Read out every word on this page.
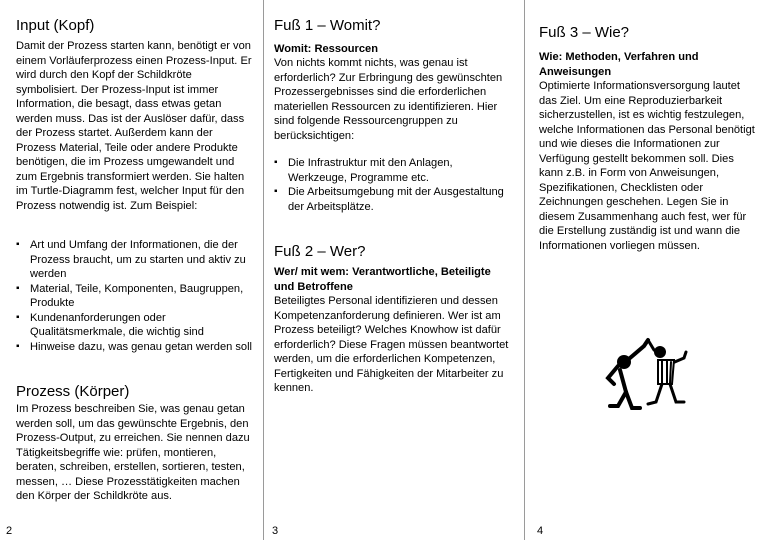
Input (Kopf)
Damit der Prozess starten kann, benötigt er von einem Vorläuferprozess einen Prozess-Input. Er wird durch den Kopf der Schildkröte symbolisiert. Der Prozess-Input ist immer Information, die besagt, dass etwas getan werden muss. Das ist der Auslöser dafür, dass der Prozess startet. Außerdem kann der Prozess Material, Teile oder andere Produkte benötigen, die im Prozess umgewandelt und zum Ergebnis transformiert werden. Sie halten im Turtle-Diagramm fest, welcher Input für den Prozess notwendig ist. Zum Beispiel:
▪ Art und Umfang der Informationen, die der Prozess braucht, um zu starten und aktiv zu werden
▪ Material, Teile, Komponenten, Baugruppen, Produkte
▪ Kundenanforderungen oder Qualitätsmerkmale, die wichtig sind
▪ Hinweise dazu, was genau getan werden soll
Prozess (Körper)
Im Prozess beschreiben Sie, was genau getan werden soll, um das gewünschte Ergebnis, den Prozess-Output, zu erreichen. Sie nennen dazu Tätigkeitsbegriffe wie: prüfen, montieren, beraten, schreiben, erstellen, sortieren, testen, messen, … Diese Prozesstätigkeiten machen den Körper der Schildkröte aus.
2
Fuß 1 – Womit?
Womit: Ressourcen
Von nichts kommt nichts, was genau ist erforderlich? Zur Erbringung des gewünschten Prozessergebnisses sind die erforderlichen materiellen Ressourcen zu identifizieren. Hier sind folgende Ressourcengruppen zu berücksichtigen:
▪ Die Infrastruktur mit den Anlagen, Werkzeuge, Programme etc.
▪ Die Arbeitsumgebung mit der Ausgestaltung der Arbeitsplätze.
Fuß 2 – Wer?
Wer/ mit wem: Verantwortliche, Beteiligte und Betroffene
Beteiligtes Personal identifizieren und dessen Kompetenzanforderung definieren. Wer ist am Prozess beteiligt? Welches Knowhow ist dafür erforderlich? Diese Fragen müssen beantwortet werden, um die erforderlichen Kompetenzen, Fertigkeiten und Fähigkeiten der Mitarbeiter zu kennen.
3
Fuß 3 – Wie?
Wie: Methoden, Verfahren und Anweisungen
Optimierte Informationsversorgung lautet das Ziel. Um eine Reproduzierbarkeit sicherzustellen, ist es wichtig festzulegen, welche Informationen das Personal benötigt und wie dieses die Informationen zur Verfügung gestellt bekommen soll. Dies kann z.B. in Form von Anweisungen, Spezifikationen, Checklisten oder Zeichnungen geschehen. Legen Sie in diesem Zusammenhang auch fest, wer für die Erstellung zuständig ist und wann die Informationen vorliegen müssen.
4
